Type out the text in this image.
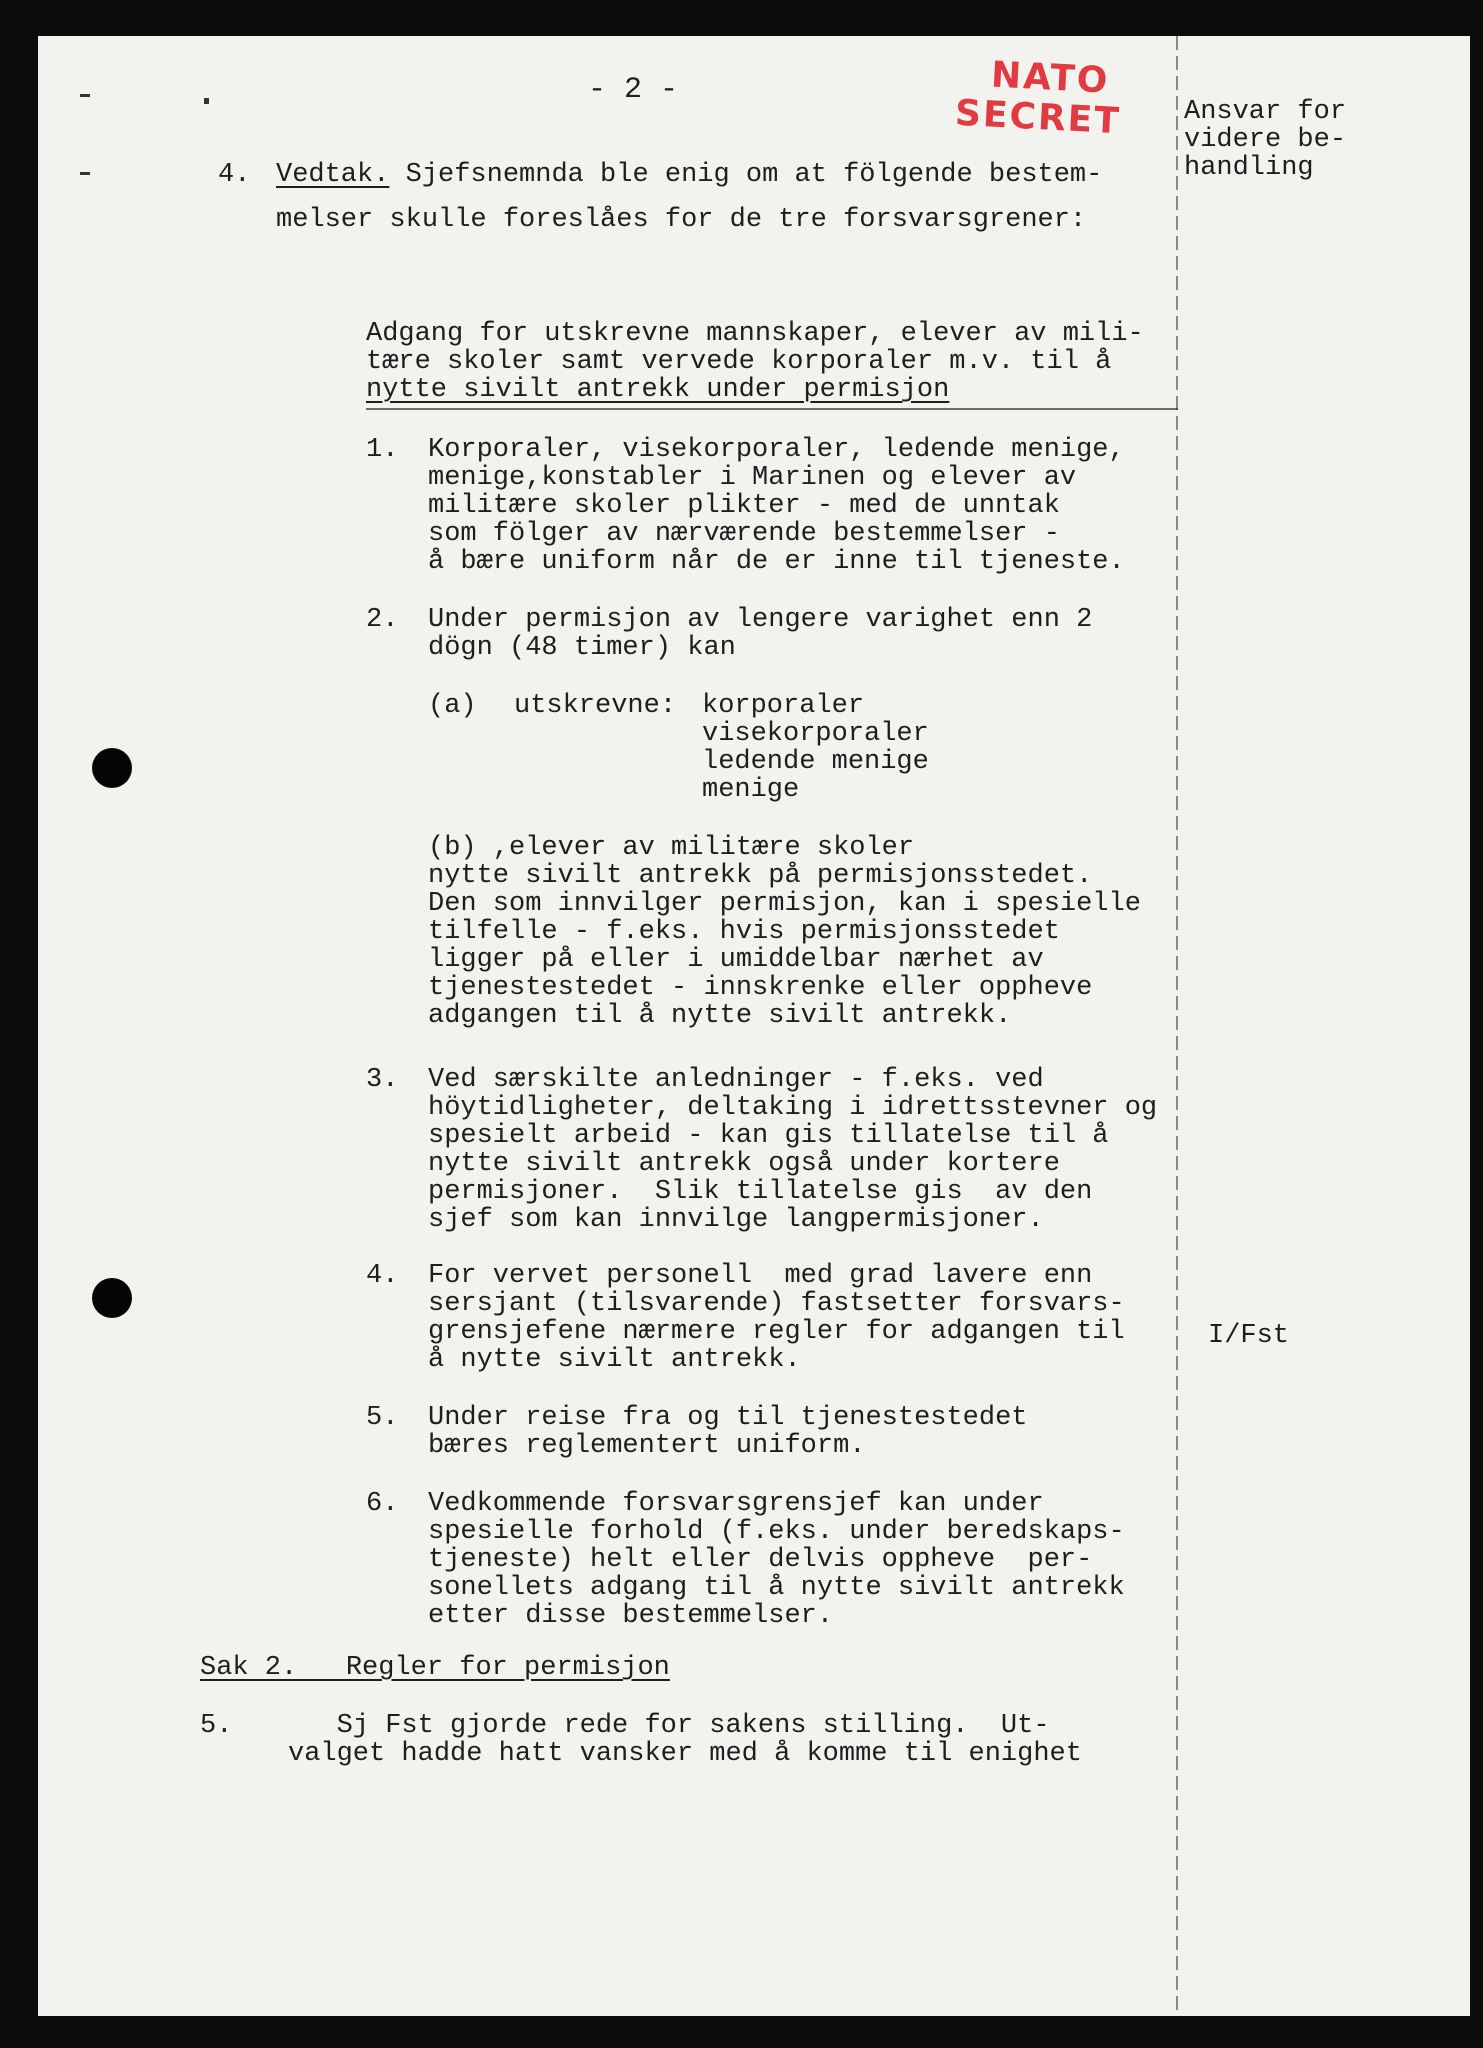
- 2 -	NATO
SECRET Ansvar for
videre be-
handling
4. Vedtak. Sjefsnemnda ble enig om at fölgende bestem-
melser skulle foreslåes for de tre forsvarsgrener:
Adgang for utskrevne mannskaper, elever av mili-
tære skoler samt vervede korporaler m.v. til å
nytte sivilt antrekk under permisjon
1. Korporaler, visekorporaler, ledende menige,
menige,konstabler i Marinen og elever av
militære skoler plikter - med de unntak
som fölger av nærværende bestemmelser -
å bære uniform når de er inne til tjeneste.
2. Under permisjon av lengere varighet enn 2
dögn (48 timer) kan
(a) utskrevne: korporaler
visekorporaler
ledende menige
menige
(b) ,elever av militære skoler
nytte sivilt antrekk på permisjonsstedet.
Den som innvilger permisjon, kan i spesielle
tilfelle - f.eks. hvis permisjonsstedet
ligger på eller i umiddelbar nærhet av
tjenestestedet - innskrenke eller oppheve
adgangen til å nytte sivilt antrekk.
3. Ved særskilte anledninger - f.eks. ved
höytidligheter, deltaking i idrettsstevner og
spesielt arbeid - kan gis tillatelse til å
nytte sivilt antrekk også under kortere
permisjoner.  Slik tillatelse gis  av den
sjef som kan innvilge langpermisjoner.
4. For vervet personell  med grad lavere enn
sersjant (tilsvarende) fastsetter forsvars-
grensjefene nærmere regler for adgangen til
å nytte sivilt antrekk.
I/Fst
5. Under reise fra og til tjenestestedet
bæres reglementert uniform.
6. Vedkommende forsvarsgrensjef kan under
spesielle forhold (f.eks. under beredskaps-
tjeneste) helt eller delvis oppheve  per-
sonellets adgang til å nytte sivilt antrekk
etter disse bestemmelser.
Sak 2.   Regler for permisjon
5. Sj Fst gjorde rede for sakens stilling.  Ut-
valget hadde hatt vansker med å komme til enighet
